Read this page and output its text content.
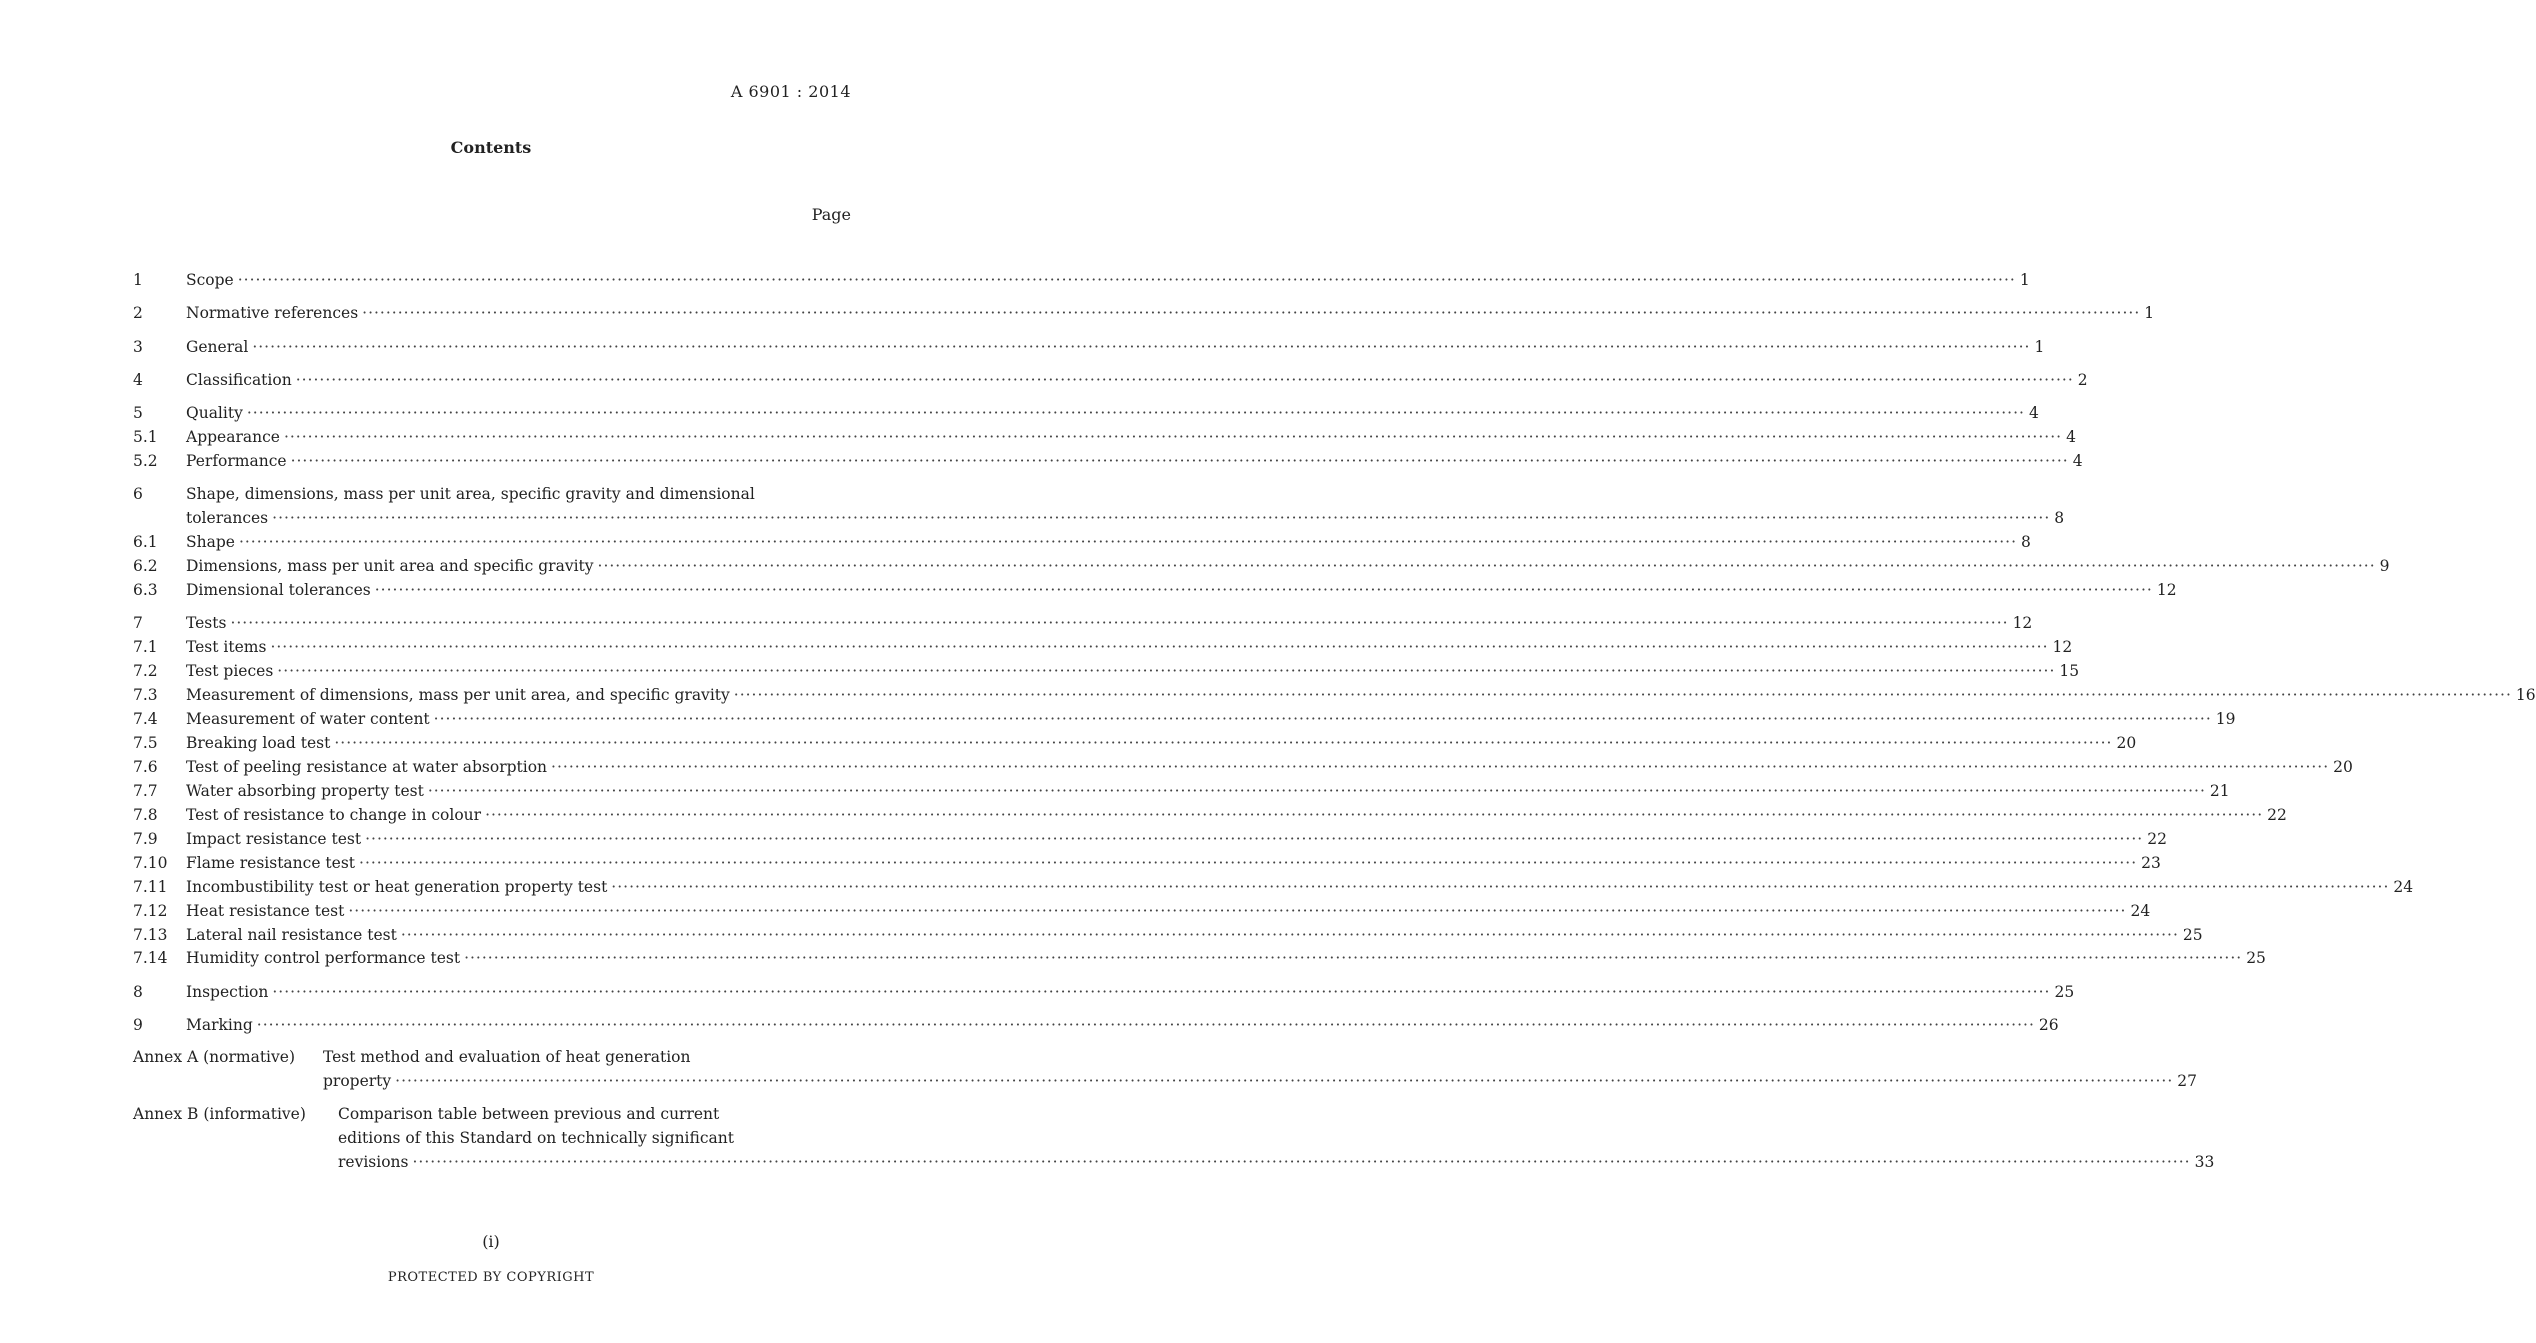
A 6901 : 2014
Contents
Page
1	Scope ············································································································································································································································································································ 1
2	Normative references ············································································································································································································································································································ 1
3	General ············································································································································································································································································································ 1
4	Classification ············································································································································································································································································································ 2
5	Quality ············································································································································································································································································································ 4
5.1 Appearance ············································································································································································································································································································ 4
5.2 Performance ············································································································································································································································································································ 4
6	Shape, dimensions, mass per unit area, specific gravity and dimensional
tolerances ············································································································································································································································································································ 8
6.1 Shape ············································································································································································································································································································ 8
6.2 Dimensions, mass per unit area and specific gravity ············································································································································································································································································································ 9
6.3 Dimensional tolerances ············································································································································································································································································································ 12
7	Tests ············································································································································································································································································································ 12
7.1 Test items ············································································································································································································································································································ 12
7.2 Test pieces ············································································································································································································································································································ 15
7.3 Measurement of dimensions, mass per unit area, and specific gravity ············································································································································································································································································································ 16
7.4 Measurement of water content ············································································································································································································································································································ 19
7.5 Breaking load test ············································································································································································································································································································ 20
7.6 Test of peeling resistance at water absorption ············································································································································································································································································································ 20
7.7 Water absorbing property test ············································································································································································································································································································ 21
7.8 Test of resistance to change in colour ············································································································································································································································································································ 22
7.9 Impact resistance test ············································································································································································································································································································ 22
7.10 Flame resistance test ············································································································································································································································································································ 23
7.11 Incombustibility test or heat generation property test ············································································································································································································································································································ 24
7.12 Heat resistance test ············································································································································································································································································································ 24
7.13 Lateral nail resistance test ············································································································································································································································································································ 25
7.14 Humidity control performance test ············································································································································································································································································································ 25
8	Inspection ············································································································································································································································································································ 25
9	Marking ············································································································································································································································································································ 26
Annex A (normative) Test method and evaluation of heat generation
property ············································································································································································································································································································ 27
Annex B (informative) Comparison table between previous and current
editions of this Standard on technically significant
revisions ············································································································································································································································································································ 33
(i)
PROTECTED BY COPYRIGHT
